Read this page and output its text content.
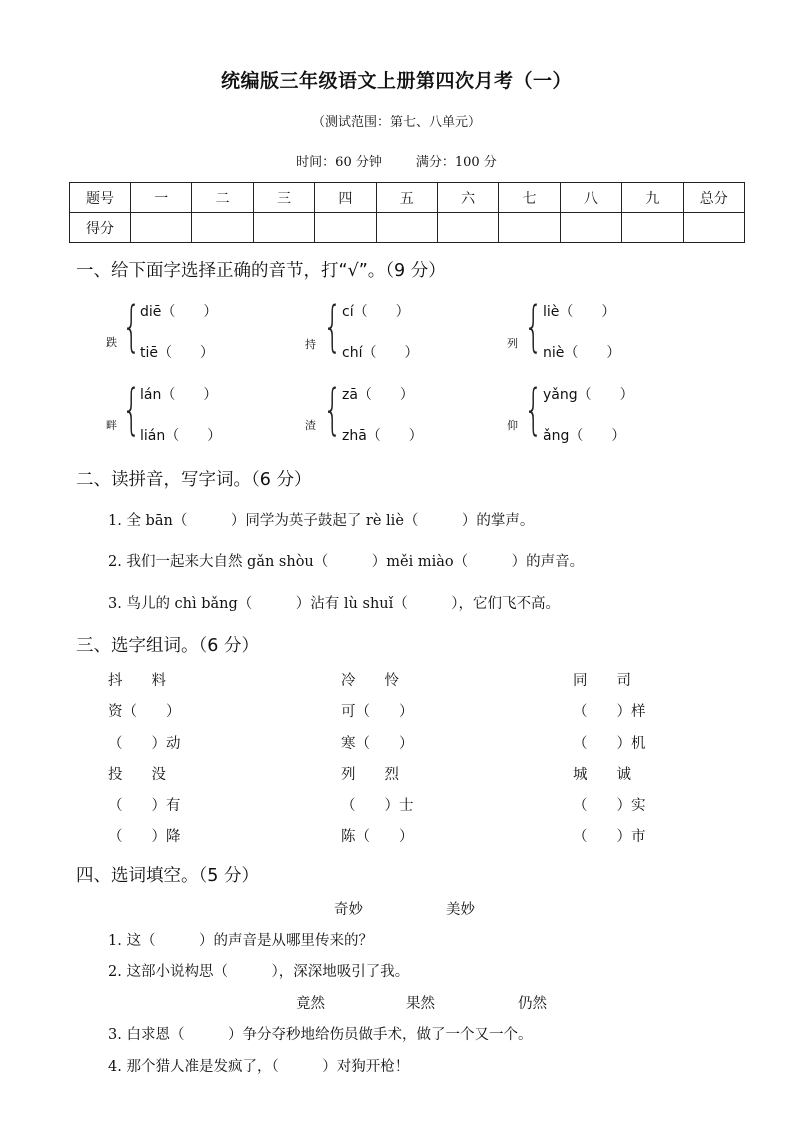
统编版三年级语文上册第四次月考（一）
（测试范围：第七、八单元）
时间：60 分钟	满分：100 分
题号	一	二	三	四	五	六	七	八	九	总分
得分										
一、给下面字选择正确的音节，打“√”。（9 分）
跌 { diē（　　）
tiē（　　）
持 { cí（　　）
chí（　　）
列 { liè（　　）
niè（　　）
畔 { lán（　　）
lián（　　）
渣 { zā（　　）
zhā（　　）
仰 { yǎng（　　）
ǎng（　　）
二、读拼音，写字词。（6 分）
1. 全 bān（　　　）同学为英子鼓起了 rè liè（　　　）的掌声。
2. 我们一起来大自然 gǎn shòu（　　　）měi miào（　　　）的声音。
3. 鸟儿的 chì bǎng（　　　）沾有 lù shuǐ（　　　），它们飞不高。
三、选字组词。（6 分）
抖　　料
资（　　）
（　　）动
投　　没
（　　）有
（　　）降
冷　　怜
可（　　）
寒（　　）
列　　烈
（　　）士
陈（　　）
同　　司
（　　）样
（　　）机
城　　诚
（　　）实
（　　）市
四、选词填空。（5 分）
奇妙	美妙
1. 这（　　　）的声音是从哪里传来的？
2. 这部小说构思（　　　），深深地吸引了我。
竟然	果然	仍然
3. 白求恩（　　　）争分夺秒地给伤员做手术，做了一个又一个。
4. 那个猎人准是发疯了，（　　　）对狗开枪！
